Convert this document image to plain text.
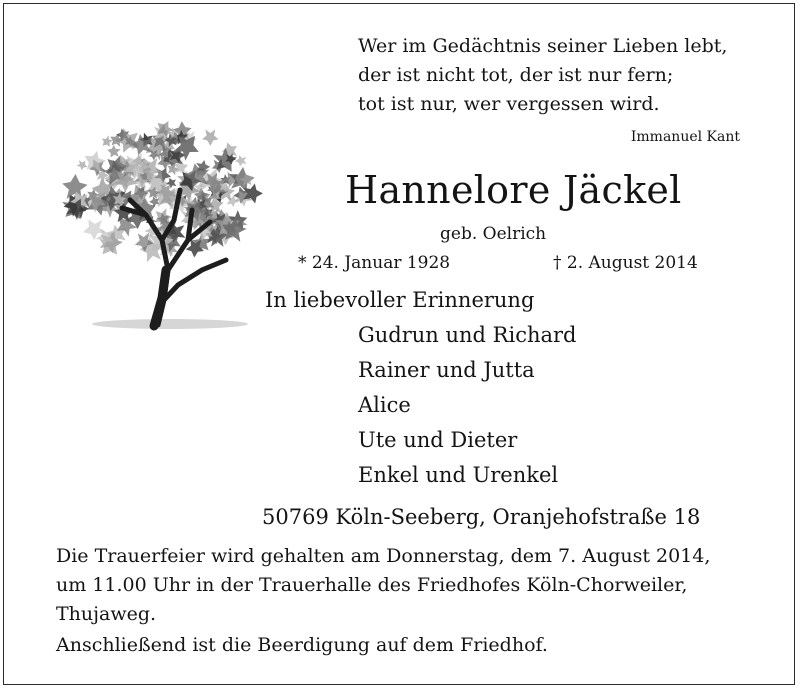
Wer im Gedächtnis seiner Lieben lebt,
der ist nicht tot, der ist nur fern;
tot ist nur, wer vergessen wird.
Immanuel Kant
Hannelore Jäckel
geb. Oelrich
* 24. Januar 1928	† 2. August 2014
In liebevoller Erinnerung
Gudrun und Richard
Rainer und Jutta
Alice
Ute und Dieter
Enkel und Urenkel
50769 Köln-Seeberg, Oranjehofstraße 18
Die Trauerfeier wird gehalten am Donnerstag, dem 7. August 2014,
um 11.00 Uhr in der Trauerhalle des Friedhofes Köln-Chorweiler,
Thujaweg.
Anschließend ist die Beerdigung auf dem Friedhof.
